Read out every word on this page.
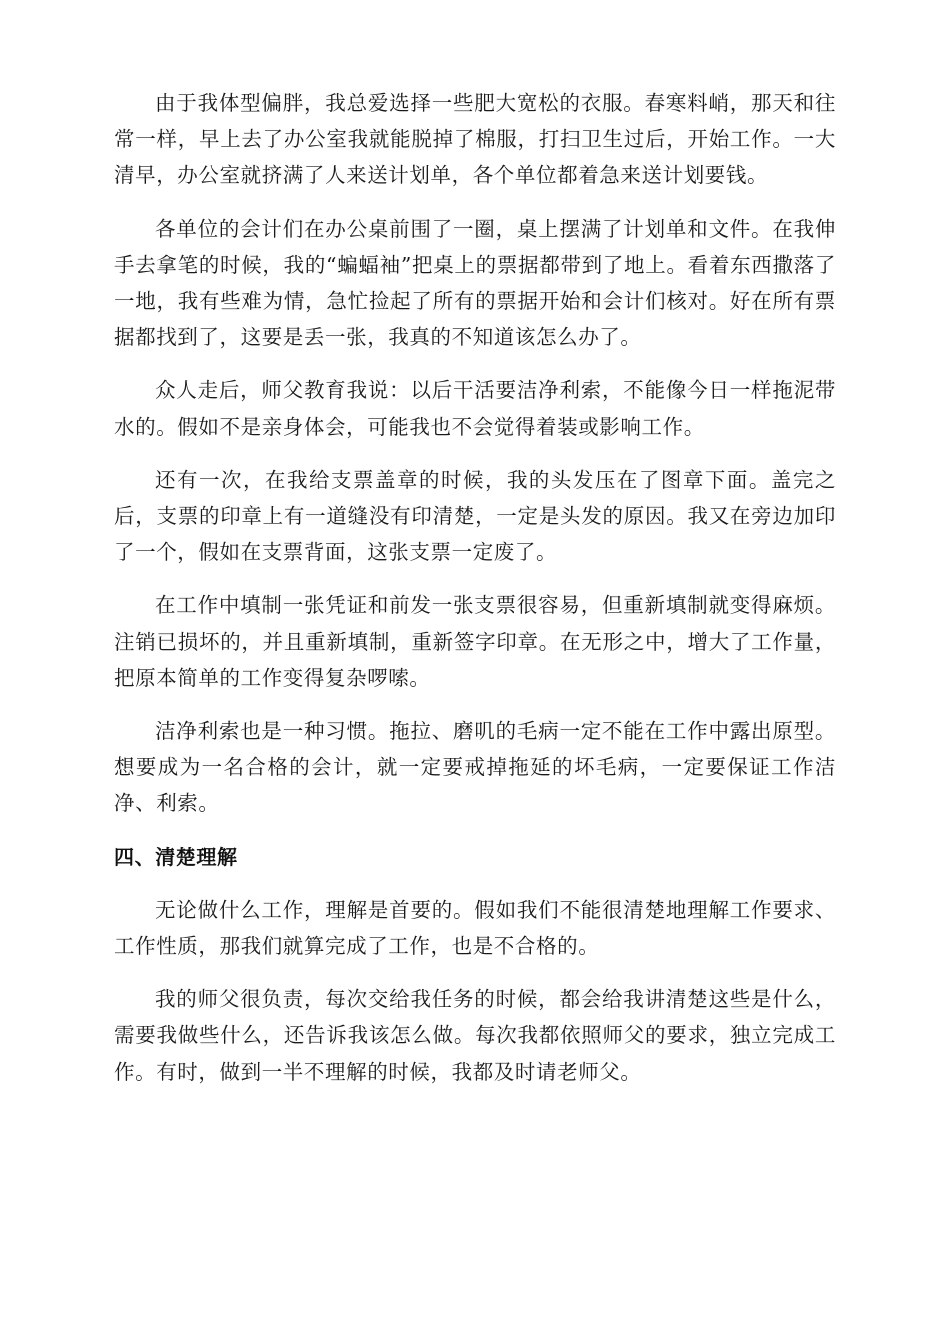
由于我体型偏胖，我总爱选择一些肥大宽松的衣服。春寒料峭，那天和往常一样，早上去了办公室我就能脱掉了棉服，打扫卫生过后，开始工作。一大清早，办公室就挤满了人来送计划单，各个单位都着急来送计划要钱。

各单位的会计们在办公桌前围了一圈，桌上摆满了计划单和文件。在我伸手去拿笔的时候，我的“蝙蝠袖”把桌上的票据都带到了地上。看着东西撒落了一地，我有些难为情，急忙捡起了所有的票据开始和会计们核对。好在所有票据都找到了，这要是丢一张，我真的不知道该怎么办了。

众人走后，师父教育我说：以后干活要洁净利索，不能像今日一样拖泥带水的。假如不是亲身体会，可能我也不会觉得着装或影响工作。

还有一次，在我给支票盖章的时候，我的头发压在了图章下面。盖完之后，支票的印章上有一道缝没有印清楚，一定是头发的原因。我又在旁边加印了一个，假如在支票背面，这张支票一定废了。

在工作中填制一张凭证和前发一张支票很容易，但重新填制就变得麻烦。注销已损坏的，并且重新填制，重新签字印章。在无形之中，增大了工作量，把原本简单的工作变得复杂啰嗦。

洁净利索也是一种习惯。拖拉、磨叽的毛病一定不能在工作中露出原型。想要成为一名合格的会计，就一定要戒掉拖延的坏毛病，一定要保证工作洁净、利索。

四、清楚理解

无论做什么工作，理解是首要的。假如我们不能很清楚地理解工作要求、工作性质，那我们就算完成了工作，也是不合格的。

我的师父很负责，每次交给我任务的时候，都会给我讲清楚这些是什么，需要我做些什么，还告诉我该怎么做。每次我都依照师父的要求，独立完成工作。有时，做到一半不理解的时候，我都及时请老师父。
